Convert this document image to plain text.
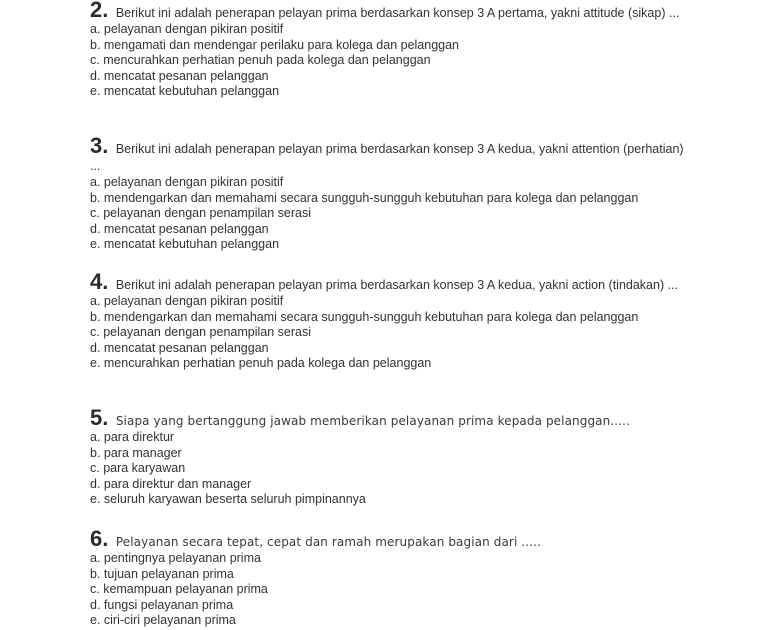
2. Berikut ini adalah penerapan pelayan prima berdasarkan konsep 3 A pertama, yakni attitude (sikap) ...
a. pelayanan dengan pikiran positif
b. mengamati dan mendengar perilaku para kolega dan pelanggan
c. mencurahkan perhatian penuh pada kolega dan pelanggan
d. mencatat pesanan pelanggan
e. mencatat kebutuhan pelanggan
3. Berikut ini adalah penerapan pelayan prima berdasarkan konsep 3 A kedua, yakni attention (perhatian) ...
a. pelayanan dengan pikiran positif
b. mendengarkan dan memahami secara sungguh-sungguh kebutuhan para kolega dan pelanggan
c. pelayanan dengan penampilan serasi
d. mencatat pesanan pelanggan
e. mencatat kebutuhan pelanggan
4. Berikut ini adalah penerapan pelayan prima berdasarkan konsep 3 A kedua, yakni action (tindakan) ...
a. pelayanan dengan pikiran positif
b. mendengarkan dan memahami secara sungguh-sungguh kebutuhan para kolega dan pelanggan
c. pelayanan dengan penampilan serasi
d. mencatat pesanan pelanggan
e. mencurahkan perhatian penuh pada kolega dan pelanggan
5. Siapa yang bertanggung jawab memberikan pelayanan prima kepada pelanggan.....
a. para direktur
b. para manager
c. para karyawan
d. para direktur dan manager
e. seluruh karyawan beserta seluruh pimpinannya
6. Pelayanan secara tepat, cepat dan ramah merupakan bagian dari .....
a. pentingnya pelayanan prima
b. tujuan pelayanan prima
c. kemampuan pelayanan prima
d. fungsi pelayanan prima
e. ciri-ciri pelayanan prima
